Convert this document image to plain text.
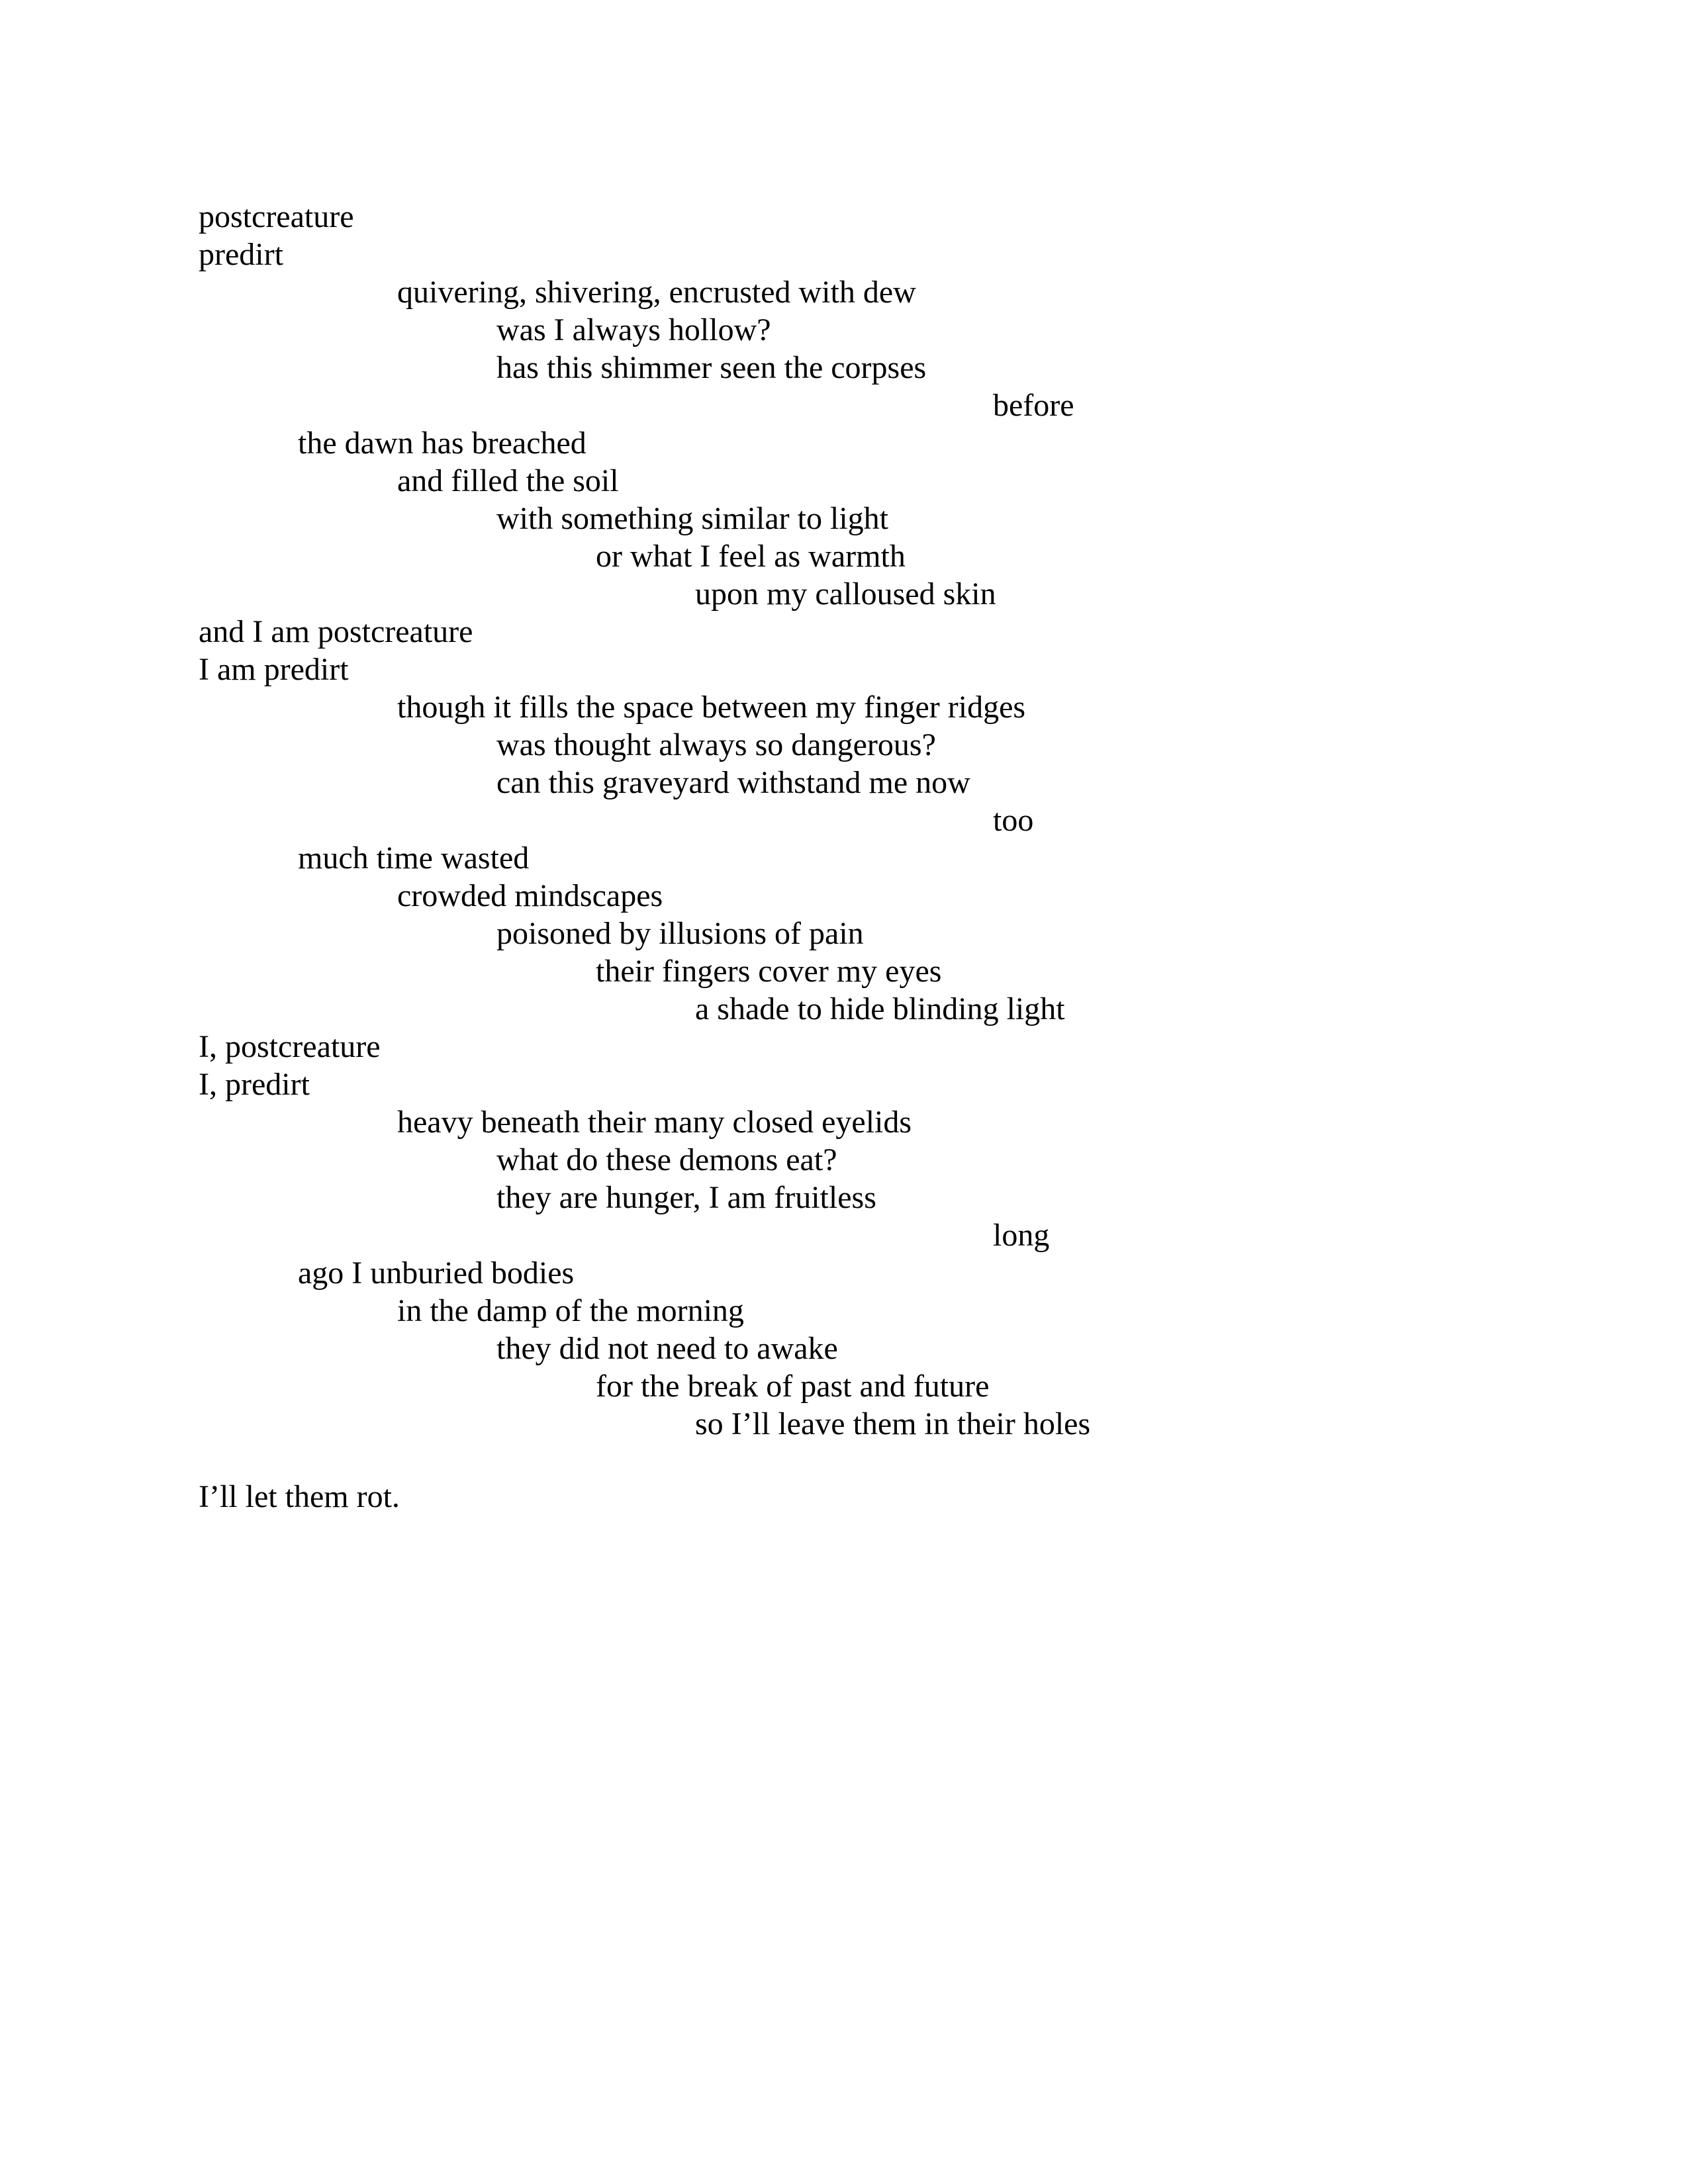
postcreature

predirt

quivering, shivering, encrusted with dew

was I always hollow?

has this shimmer seen the corpses

before

the dawn has breached

and filled the soil

with something similar to light

or what I feel as warmth

upon my calloused skin

and I am postcreature

I am predirt

though it fills the space between my finger ridges

was thought always so dangerous?

can this graveyard withstand me now

too

much time wasted

crowded mindscapes

poisoned by illusions of pain

their fingers cover my eyes

a shade to hide blinding light

I, postcreature

I, predirt

heavy beneath their many closed eyelids

what do these demons eat?

they are hunger, I am fruitless

long

ago I unburied bodies

in the damp of the morning

they did not need to awake

for the break of past and future

so I’ll leave them in their holes

I’ll let them rot.
